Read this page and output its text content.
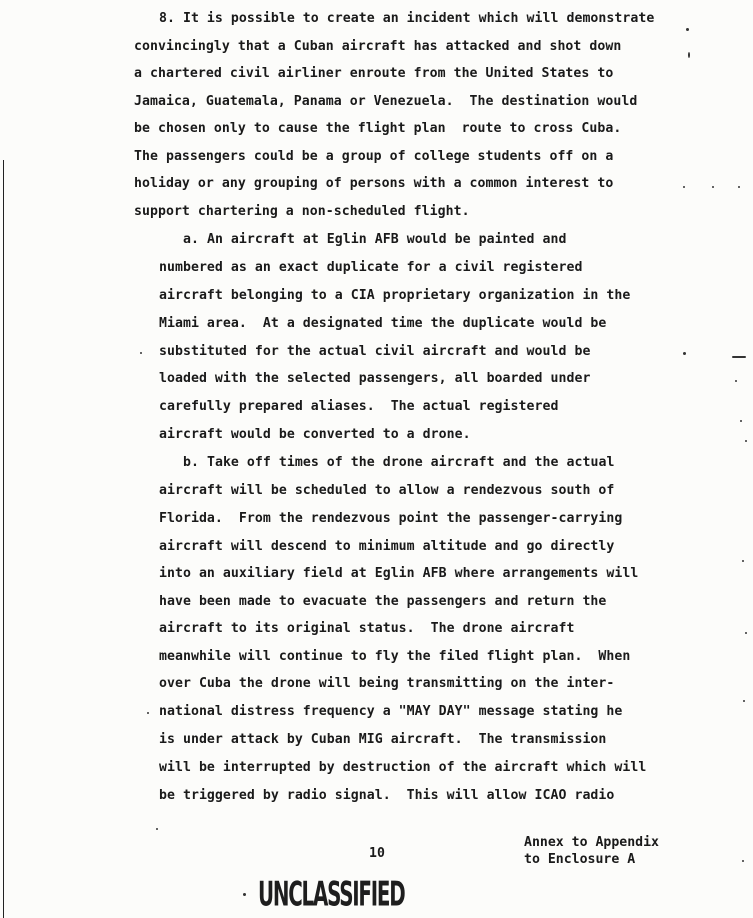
8. It is possible to create an incident which will demonstrate
convincingly that a Cuban aircraft has attacked and shot down
a chartered civil airliner enroute from the United States to
Jamaica, Guatemala, Panama or Venezuela.  The destination would
be chosen only to cause the flight plan  route to cross Cuba.
The passengers could be a group of college students off on a
holiday or any grouping of persons with a common interest to
support chartering a non-scheduled flight.
a. An aircraft at Eglin AFB would be painted and
numbered as an exact duplicate for a civil registered
aircraft belonging to a CIA proprietary organization in the
Miami area.  At a designated time the duplicate would be
substituted for the actual civil aircraft and would be
loaded with the selected passengers, all boarded under
carefully prepared aliases.  The actual registered
aircraft would be converted to a drone.
b. Take off times of the drone aircraft and the actual
aircraft will be scheduled to allow a rendezvous south of
Florida.  From the rendezvous point the passenger-carrying
aircraft will descend to minimum altitude and go directly
into an auxiliary field at Eglin AFB where arrangements will
have been made to evacuate the passengers and return the
aircraft to its original status.  The drone aircraft
meanwhile will continue to fly the filed flight plan.  When
over Cuba the drone will being transmitting on the inter-
national distress frequency a "MAY DAY" message stating he
is under attack by Cuban MIG aircraft.  The transmission
will be interrupted by destruction of the aircraft which will
be triggered by radio signal.  This will allow ICAO radio
10
Annex to Appendix
to Enclosure A
UNCLASSIFIED
